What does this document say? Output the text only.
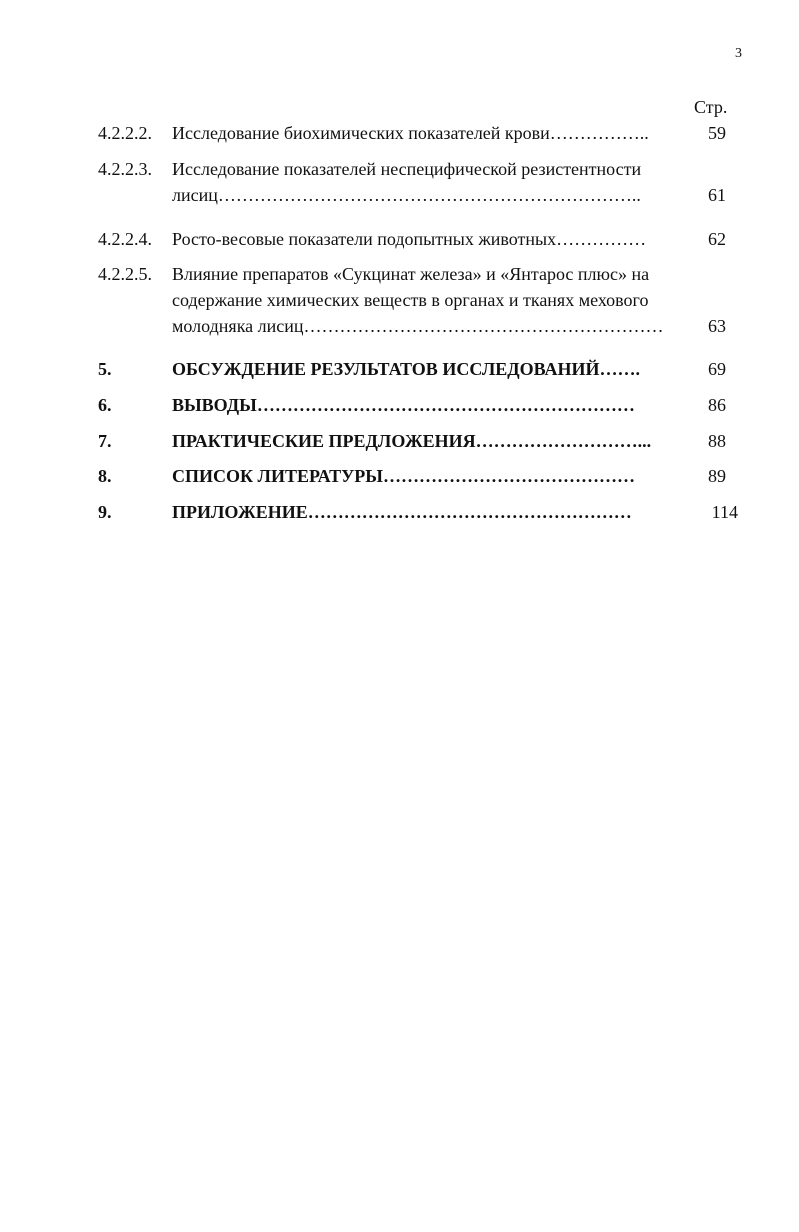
3
Стр.
4.2.2.2. Исследование биохимических показателей крови……………..	59
4.2.2.3. Исследование показателей неспецифической резистентности
лисиц……………………………………………………………..	61
4.2.2.4. Росто-весовые показатели подопытных животных……………	62
4.2.2.5. Влияние препаратов «Сукцинат железа» и «Янтарос плюс» на
содержание химических веществ в органах и тканях мехового
молодняка лисиц……………………………………………………	63
5.	ОБСУЖДЕНИЕ РЕЗУЛЬТАТОВ ИССЛЕДОВАНИЙ…….	69
6.	ВЫВОДЫ………………………………………………………	86
7.	ПРАКТИЧЕСКИЕ ПРЕДЛОЖЕНИЯ………………………...	88
8.	СПИСОК ЛИТЕРАТУРЫ……………………………………	89
9.	ПРИЛОЖЕНИЕ………………………………………………	114
